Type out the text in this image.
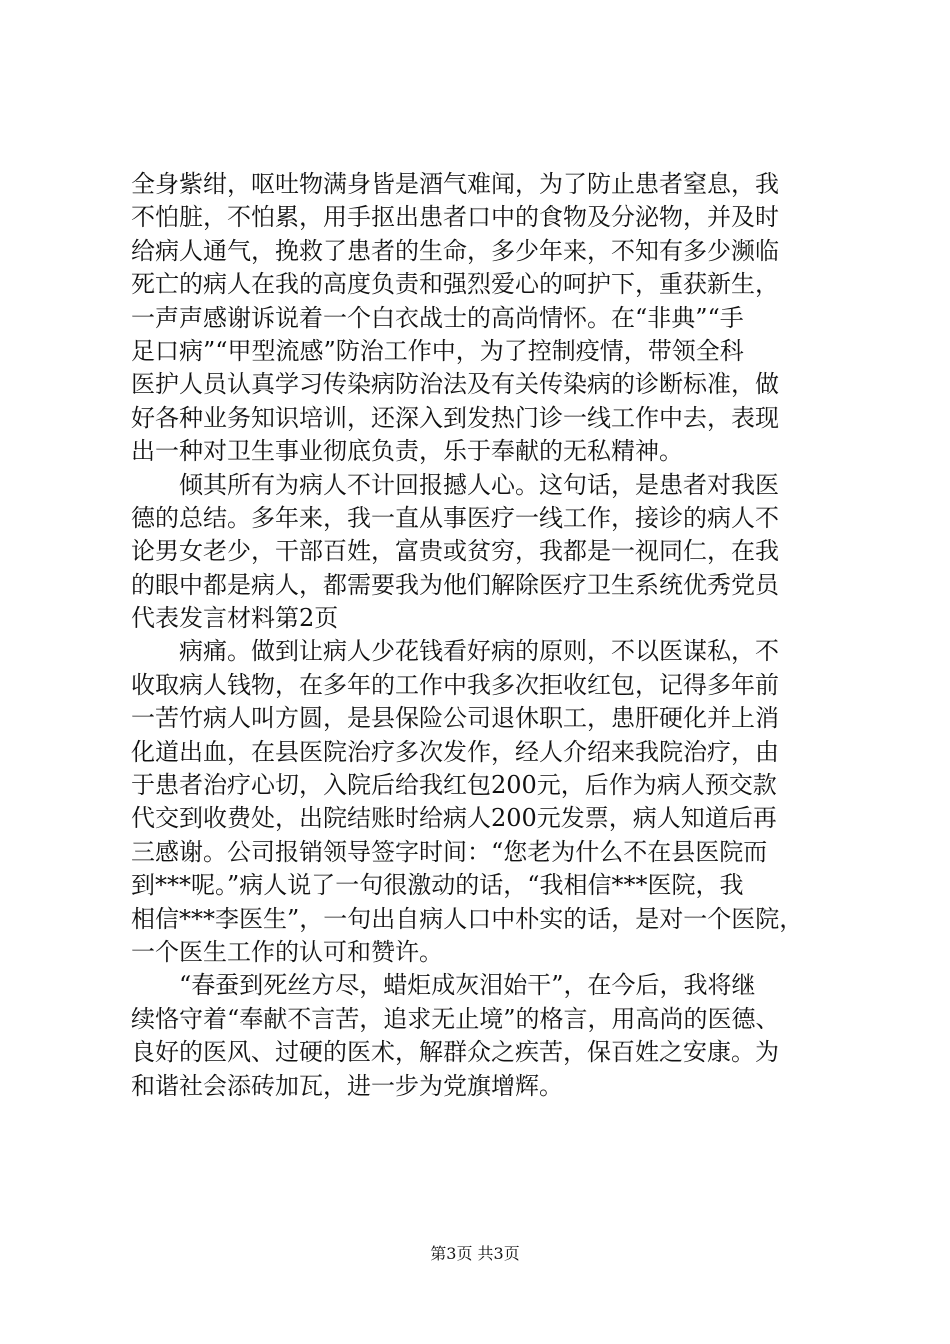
全身紫绀，呕吐物满身皆是酒气难闻，为了防止患者窒息，我
不怕脏，不怕累，用手抠出患者口中的食物及分泌物，并及时
给病人通气，挽救了患者的生命，多少年来，不知有多少濒临
死亡的病人在我的高度负责和强烈爱心的呵护下，重获新生，
一声声感谢诉说着一个白衣战士的高尚情怀。在“非典”“手
足口病”“甲型流感”防治工作中，为了控制疫情，带领全科
医护人员认真学习传染病防治法及有关传染病的诊断标准，做
好各种业务知识培训，还深入到发热门诊一线工作中去，表现
出一种对卫生事业彻底负责，乐于奉献的无私精神。
　　倾其所有为病人不计回报撼人心。这句话，是患者对我医
德的总结。多年来，我一直从事医疗一线工作，接诊的病人不
论男女老少，干部百姓，富贵或贫穷，我都是一视同仁，在我
的眼中都是病人，都需要我为他们解除医疗卫生系统优秀党员
代表发言材料第2页
　　病痛。做到让病人少花钱看好病的原则，不以医谋私，不
收取病人钱物，在多年的工作中我多次拒收红包，记得多年前
一苦竹病人叫方圆，是县保险公司退休职工，患肝硬化并上消
化道出血，在县医院治疗多次发作，经人介绍来我院治疗，由
于患者治疗心切，入院后给我红包200元，后作为病人预交款
代交到收费处，出院结账时给病人200元发票，病人知道后再
三感谢。公司报销领导签字时间：“您老为什么不在县医院而
到***呢。”病人说了一句很激动的话，“我相信***医院，我
相信***李医生”，一句出自病人口中朴实的话，是对一个医院，
一个医生工作的认可和赞许。
　　“春蚕到死丝方尽，蜡炬成灰泪始干”，在今后，我将继
续恪守着“奉献不言苦，追求无止境”的格言，用高尚的医德、
良好的医风、过硬的医术，解群众之疾苦，保百姓之安康。为
和谐社会添砖加瓦，进一步为党旗增辉。
第3页 共3页
